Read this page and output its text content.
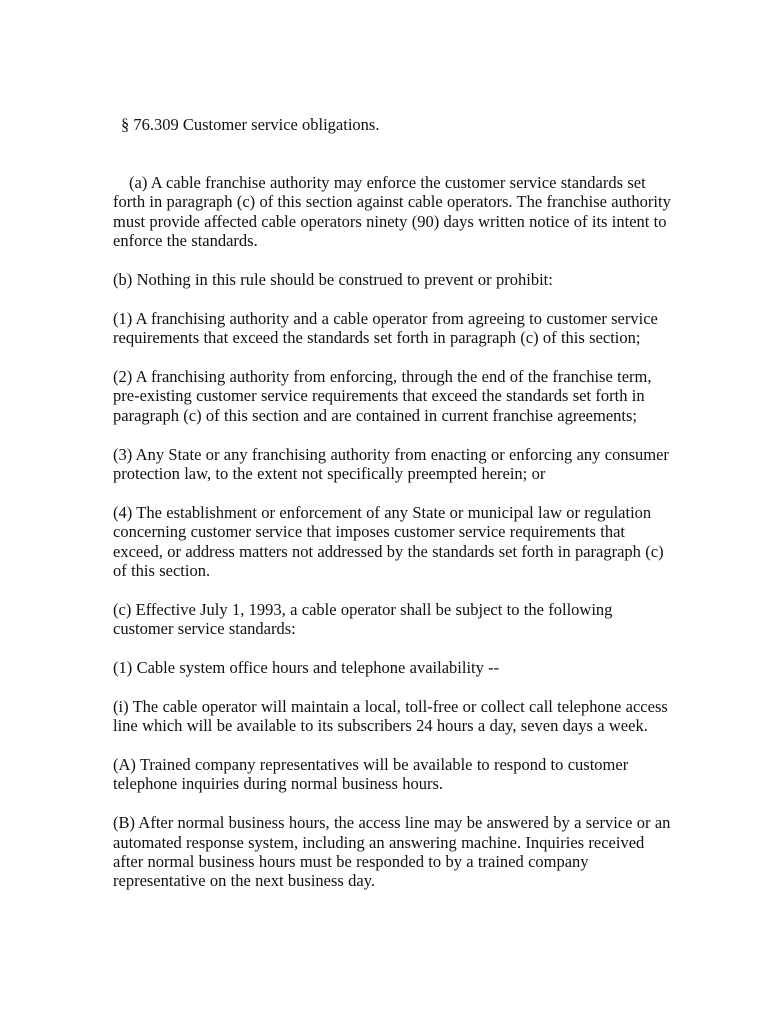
§ 76.309 Customer service obligations.

(a) A cable franchise authority may enforce the customer service standards set forth in paragraph (c) of this section against cable operators. The franchise authority must provide affected cable operators ninety (90) days written notice of its intent to enforce the standards.

(b) Nothing in this rule should be construed to prevent or prohibit:

(1) A franchising authority and a cable operator from agreeing to customer service requirements that exceed the standards set forth in paragraph (c) of this section;

(2) A franchising authority from enforcing, through the end of the franchise term, pre-existing customer service requirements that exceed the standards set forth in paragraph (c) of this section and are contained in current franchise agreements;

(3) Any State or any franchising authority from enacting or enforcing any consumer protection law, to the extent not specifically preempted herein; or

(4) The establishment or enforcement of any State or municipal law or regulation concerning customer service that imposes customer service requirements that exceed, or address matters not addressed by the standards set forth in paragraph (c) of this section.

(c) Effective July 1, 1993, a cable operator shall be subject to the following customer service standards:

(1) Cable system office hours and telephone availability --

(i) The cable operator will maintain a local, toll-free or collect call telephone access line which will be available to its subscribers 24 hours a day, seven days a week.

(A) Trained company representatives will be available to respond to customer telephone inquiries during normal business hours.

(B) After normal business hours, the access line may be answered by a service or an automated response system, including an answering machine. Inquiries received after normal business hours must be responded to by a trained company representative on the next business day.
